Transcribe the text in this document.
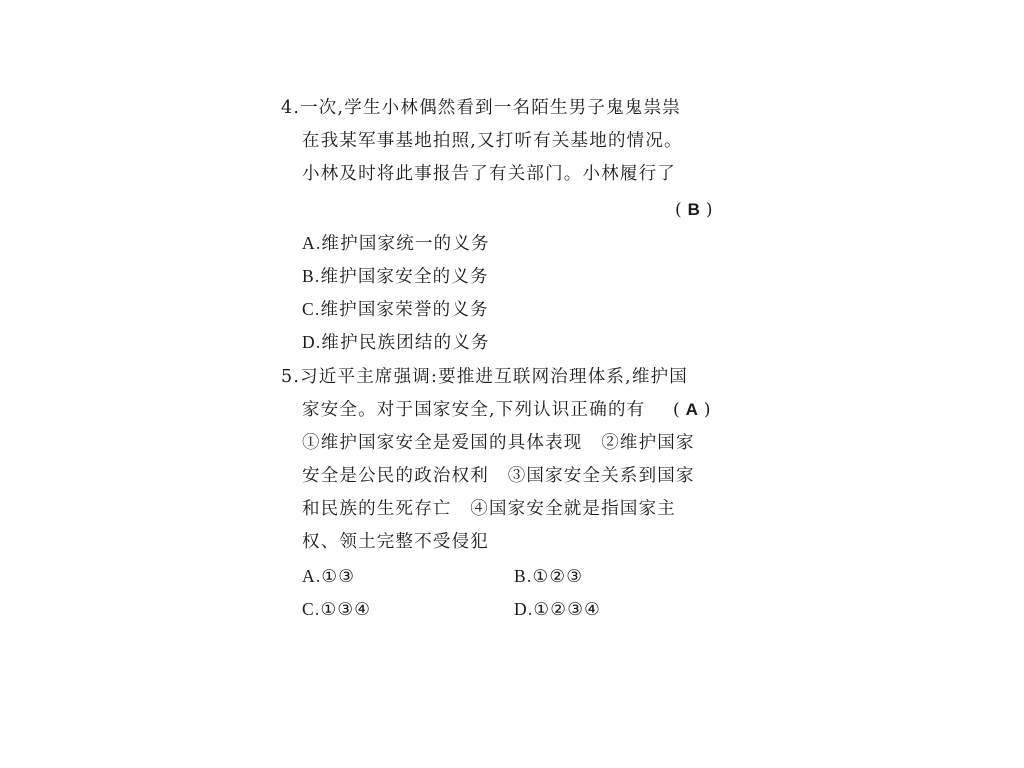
4.一次,学生小林偶然看到一名陌生男子鬼鬼祟祟
在我某军事基地拍照,又打听有关基地的情况。
小林及时将此事报告了有关部门。小林履行了
( B )
A.维护国家统一的义务
B.维护国家安全的义务
C.维护国家荣誉的义务
D.维护民族团结的义务
5.习近平主席强调:要推进互联网治理体系,维护国
家安全。对于国家安全,下列认识正确的有 ( A )
①维护国家安全是爱国的具体表现　②维护国家
安全是公民的政治权利　③国家安全关系到国家
和民族的生死存亡　④国家安全就是指国家主
权、领土完整不受侵犯
A.①③	B.①②③
C.①③④	D.①②③④
